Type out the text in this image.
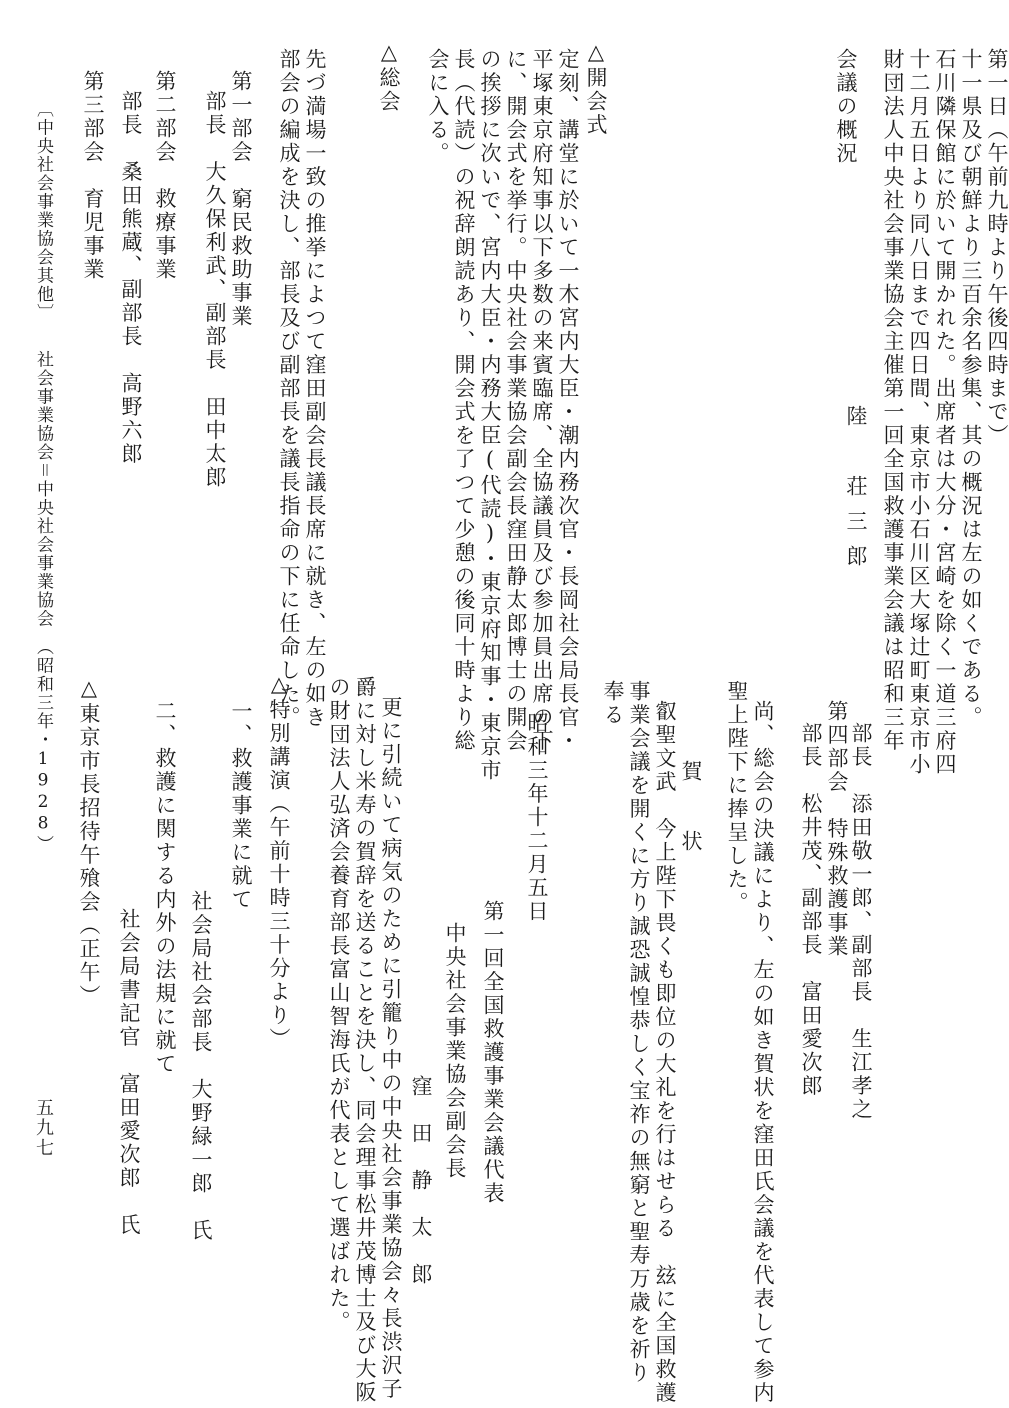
会議の概況
陸　荘三郎 財団法人中央社会事業協会主催第一回全国救護事業会議は昭和三年 十二月五日より同八日まで四日間、東京市小石川区大塚辻町東京市小 石川隣保館に於いて開かれた。出席者は大分・宮崎を除く一道三府四 十一県及び朝鮮より三百余名参集、其の概況は左の如くである。 第一日（午前九時より午後四時まで）
△開会式
定刻、講堂に於いて一木宮内大臣・潮内務次官・長岡社会局長官・
平塚東京府知事以下多数の来賓臨席、全協議員及び参加員出席の下
に、開会式を挙行。中央社会事業協会副会長窪田静太郎博士の開会
の挨拶に次いで、宮内大臣・内務大臣(代読)・東京府知事・東京市
長（代読）の祝辞朗読あり、開会式を了つて少憩の後同十時より総
会に入る。
△総会
先づ満場一致の推挙によつて窪田副会長議長席に就き、左の如き
部会の編成を決し、部長及び副部長を議長指命の下に任命した。
第一部会　窮民救助事業
部長　大久保利武、副部長　田中太郎
第二部会　救療事業
部長　桑田熊蔵、副部長　高野六郎
第三部会　育児事業
部長　添田敬一郎、副部長　生江孝之
第四部会　特殊救護事業
部長　松井茂、副部長　富田愛次郎
尚、総会の決議により、左の如き賀状を窪田氏会議を代表して参内
聖上陛下に捧呈した。
賀　状
叡聖文武　今上陛下畏くも即位の大礼を行はせらる　玆に全国救護
事業会議を開くに方り誠恐誠惶恭しく宝祚の無窮と聖寿万歳を祈り
奉る
昭和三年十二月五日
第一回全国救護事業会議代表
中央社会事業協会副会長
窪　田　静　太　郎
更に引続いて病気のために引籠り中の中央社会事業協会々長渋沢子
爵に対し米寿の賀辞を送ることを決し、同会理事松井茂博士及び大阪
の財団法人弘済会養育部長富山智海氏が代表として選ばれた。
△特別講演（午前十時三十分より）
一、救護事業に就て
社会局社会部長　大野緑一郎　氏
二、救護に関する内外の法規に就て
社会局書記官　富田愛次郎　氏
△東京市長招待午飱会（正午）
〔中央社会事業協会其他〕　　社会事業協会＝中央社会事業協会　（昭和三年・1928）
五九七
